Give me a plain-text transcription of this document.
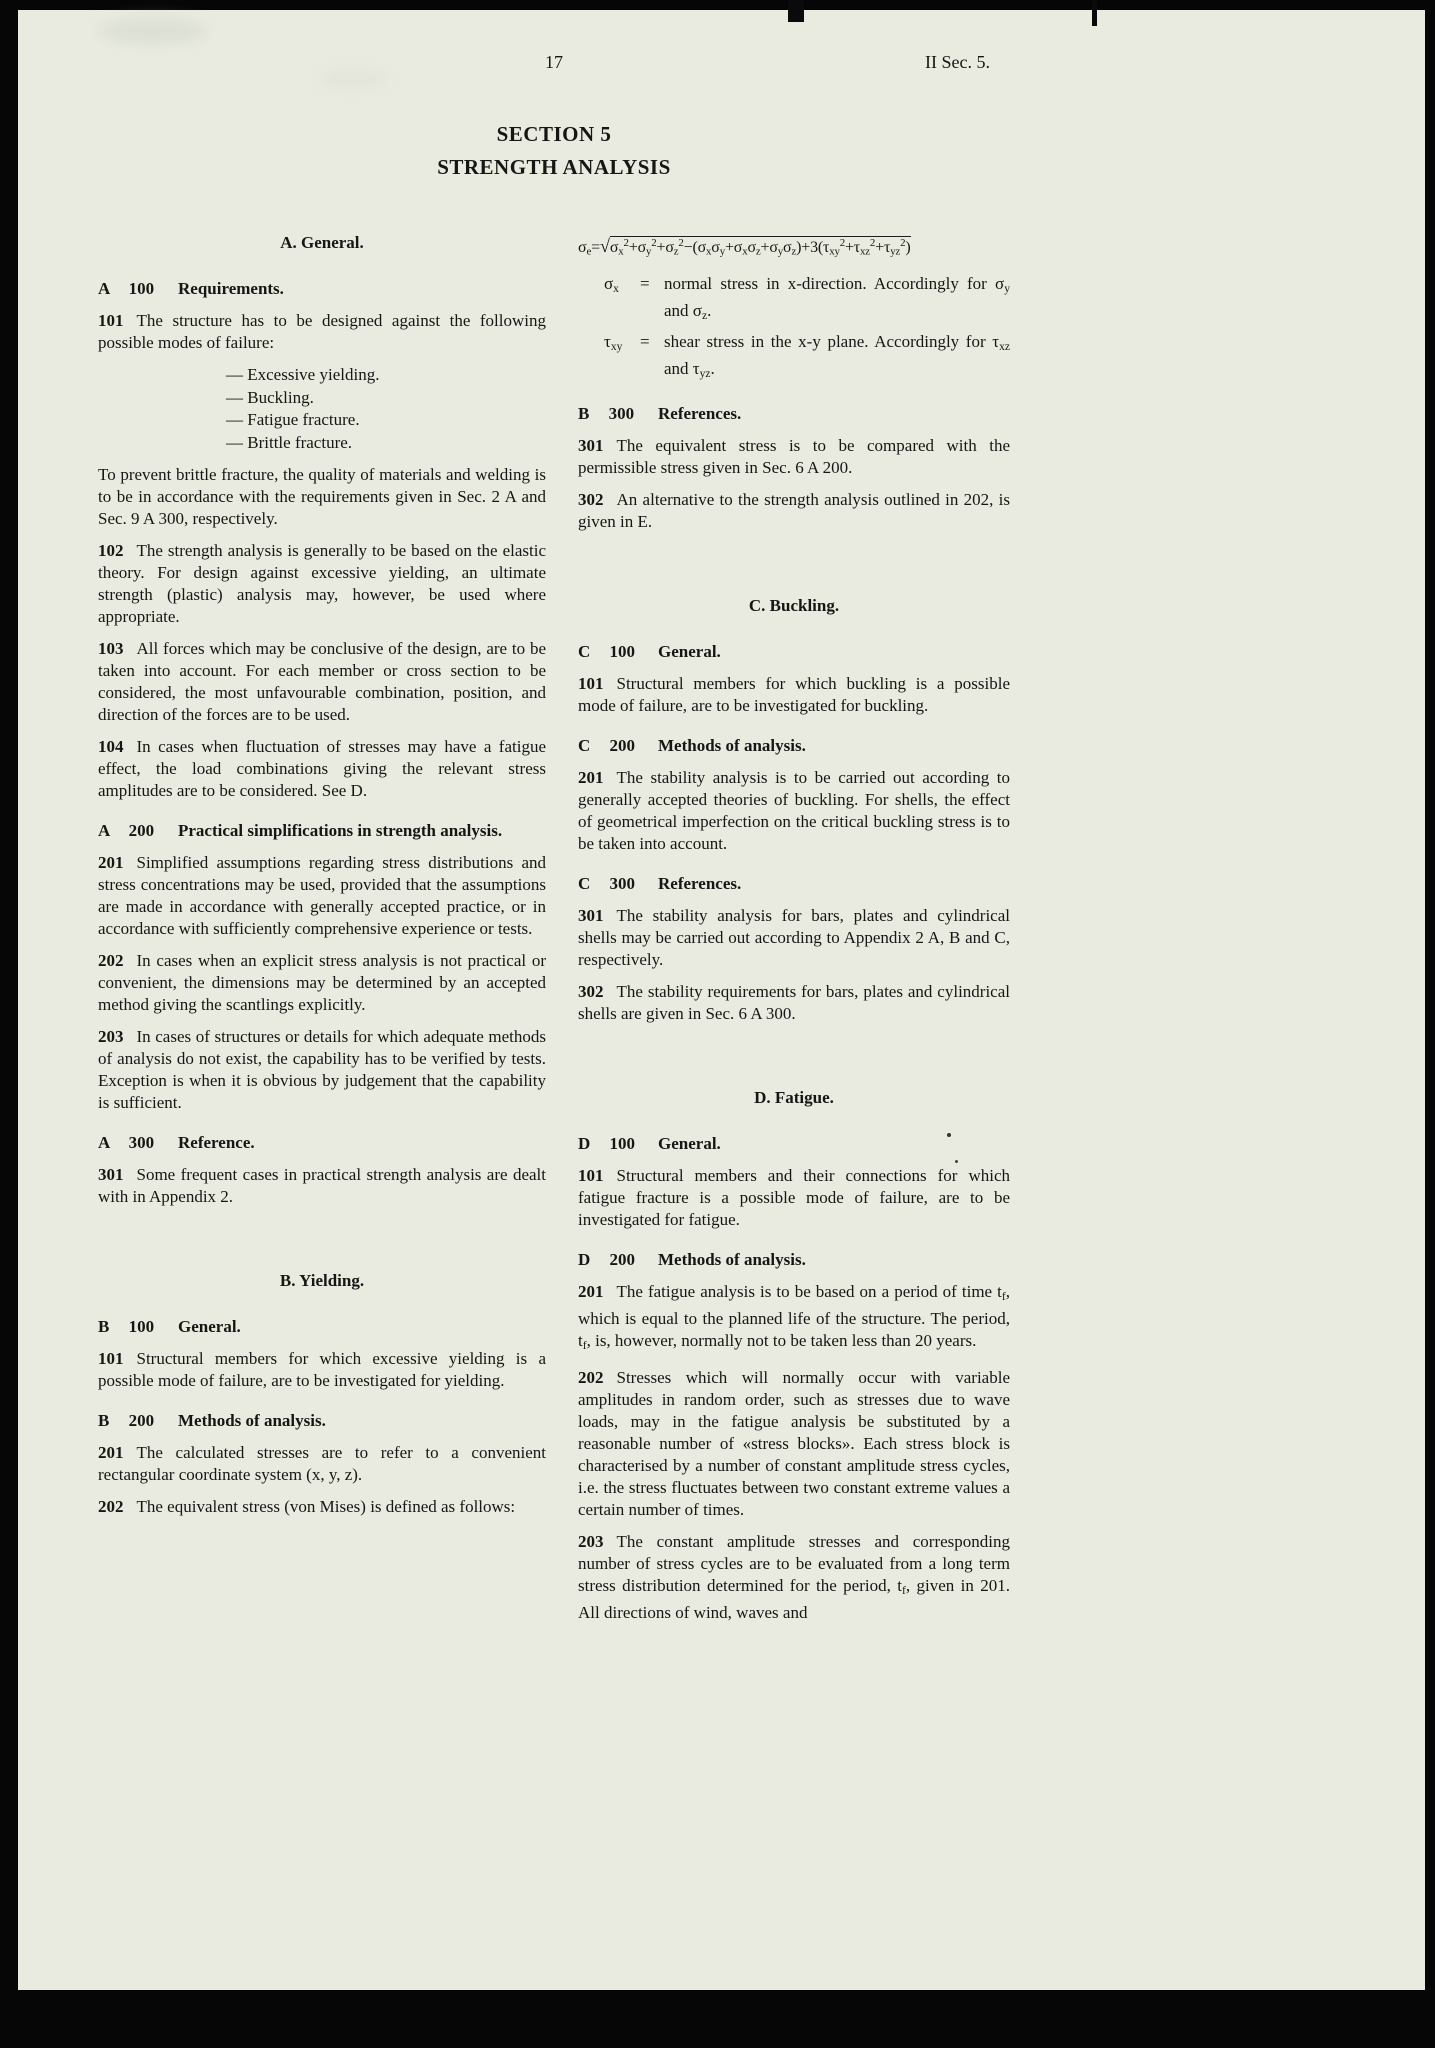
17	II Sec. 5.
SECTION 5
STRENGTH ANALYSIS
A. General.
A 100	Requirements.
101 The structure has to be designed against the following possible modes of failure:
— Excessive yielding.
— Buckling.
— Fatigue fracture.
— Brittle fracture.
To prevent brittle fracture, the quality of materials and welding is to be in accordance with the requirements given in Sec. 2 A and Sec. 9 A 300, respectively.
102 The strength analysis is generally to be based on the elastic theory. For design against excessive yielding, an ultimate strength (plastic) analysis may, however, be used where appropriate.
103 All forces which may be conclusive of the design, are to be taken into account. For each member or cross section to be considered, the most unfavourable combination, position, and direction of the forces are to be used.
104 In cases when fluctuation of stresses may have a fatigue effect, the load combinations giving the relevant stress amplitudes are to be considered. See D.
A 200	Practical simplifications in strength analysis.
201 Simplified assumptions regarding stress distributions and stress concentrations may be used, provided that the assumptions are made in accordance with generally accepted practice, or in accordance with sufficiently comprehensive experience or tests.
202 In cases when an explicit stress analysis is not practical or convenient, the dimensions may be determined by an accepted method giving the scantlings explicitly.
203 In cases of structures or details for which adequate methods of analysis do not exist, the capability has to be verified by tests. Exception is when it is obvious by judgement that the capability is sufficient.
A 300	Reference.
301 Some frequent cases in practical strength analysis are dealt with in Appendix 2.
B. Yielding.
B 100	General.
101 Structural members for which excessive yielding is a possible mode of failure, are to be investigated for yielding.
B 200	Methods of analysis.
201 The calculated stresses are to refer to a convenient rectangular coordinate system (x, y, z).
202 The equivalent stress (von Mises) is defined as follows:
$\sigma_e=√\sigma_x^2+\sigma_y^2+\sigma_z^2-(\sigma_x\sigma_y+\sigma_x\sigma_z+\sigma_y\sigma_z)+3(\tau_{xy}^2+\tau_{xz}^2+\tau_{yz}^2)$
$\sigma_x$	= normal stress in x-direction. Accordingly for $\sigma_y$ and $\sigma_z$.
$\tau_{xy}$	= shear stress in the x-y plane. Accordingly for $\tau_{xz}$ and $\tau_{yz}$.
B 300	References.
301 The equivalent stress is to be compared with the permissible stress given in Sec. 6 A 200.
302 An alternative to the strength analysis outlined in 202, is given in E.
C. Buckling.
C 100	General.
101 Structural members for which buckling is a possible mode of failure, are to be investigated for buckling.
C 200	Methods of analysis.
201 The stability analysis is to be carried out according to generally accepted theories of buckling. For shells, the effect of geometrical imperfection on the critical buckling stress is to be taken into account.
C 300	References.
301 The stability analysis for bars, plates and cylindrical shells may be carried out according to Appendix 2 A, B and C, respectively.
302 The stability requirements for bars, plates and cylindrical shells are given in Sec. 6 A 300.
D. Fatigue.
D 100	General.
101 Structural members and their connections for which fatigue fracture is a possible mode of failure, are to be investigated for fatigue.
D 200	Methods of analysis.
201 The fatigue analysis is to be based on a period of time $t_f$, which is equal to the planned life of the structure. The period, $t_f$, is, however, normally not to be taken less than 20 years.
202 Stresses which will normally occur with variable amplitudes in random order, such as stresses due to wave loads, may in the fatigue analysis be substituted by a reasonable number of «stress blocks». Each stress block is characterised by a number of constant amplitude stress cycles, i.e. the stress fluctuates between two constant extreme values a certain number of times.
203 The constant amplitude stresses and corresponding number of stress cycles are to be evaluated from a long term stress distribution determined for the period, $t_f$, given in 201. All directions of wind, waves and
